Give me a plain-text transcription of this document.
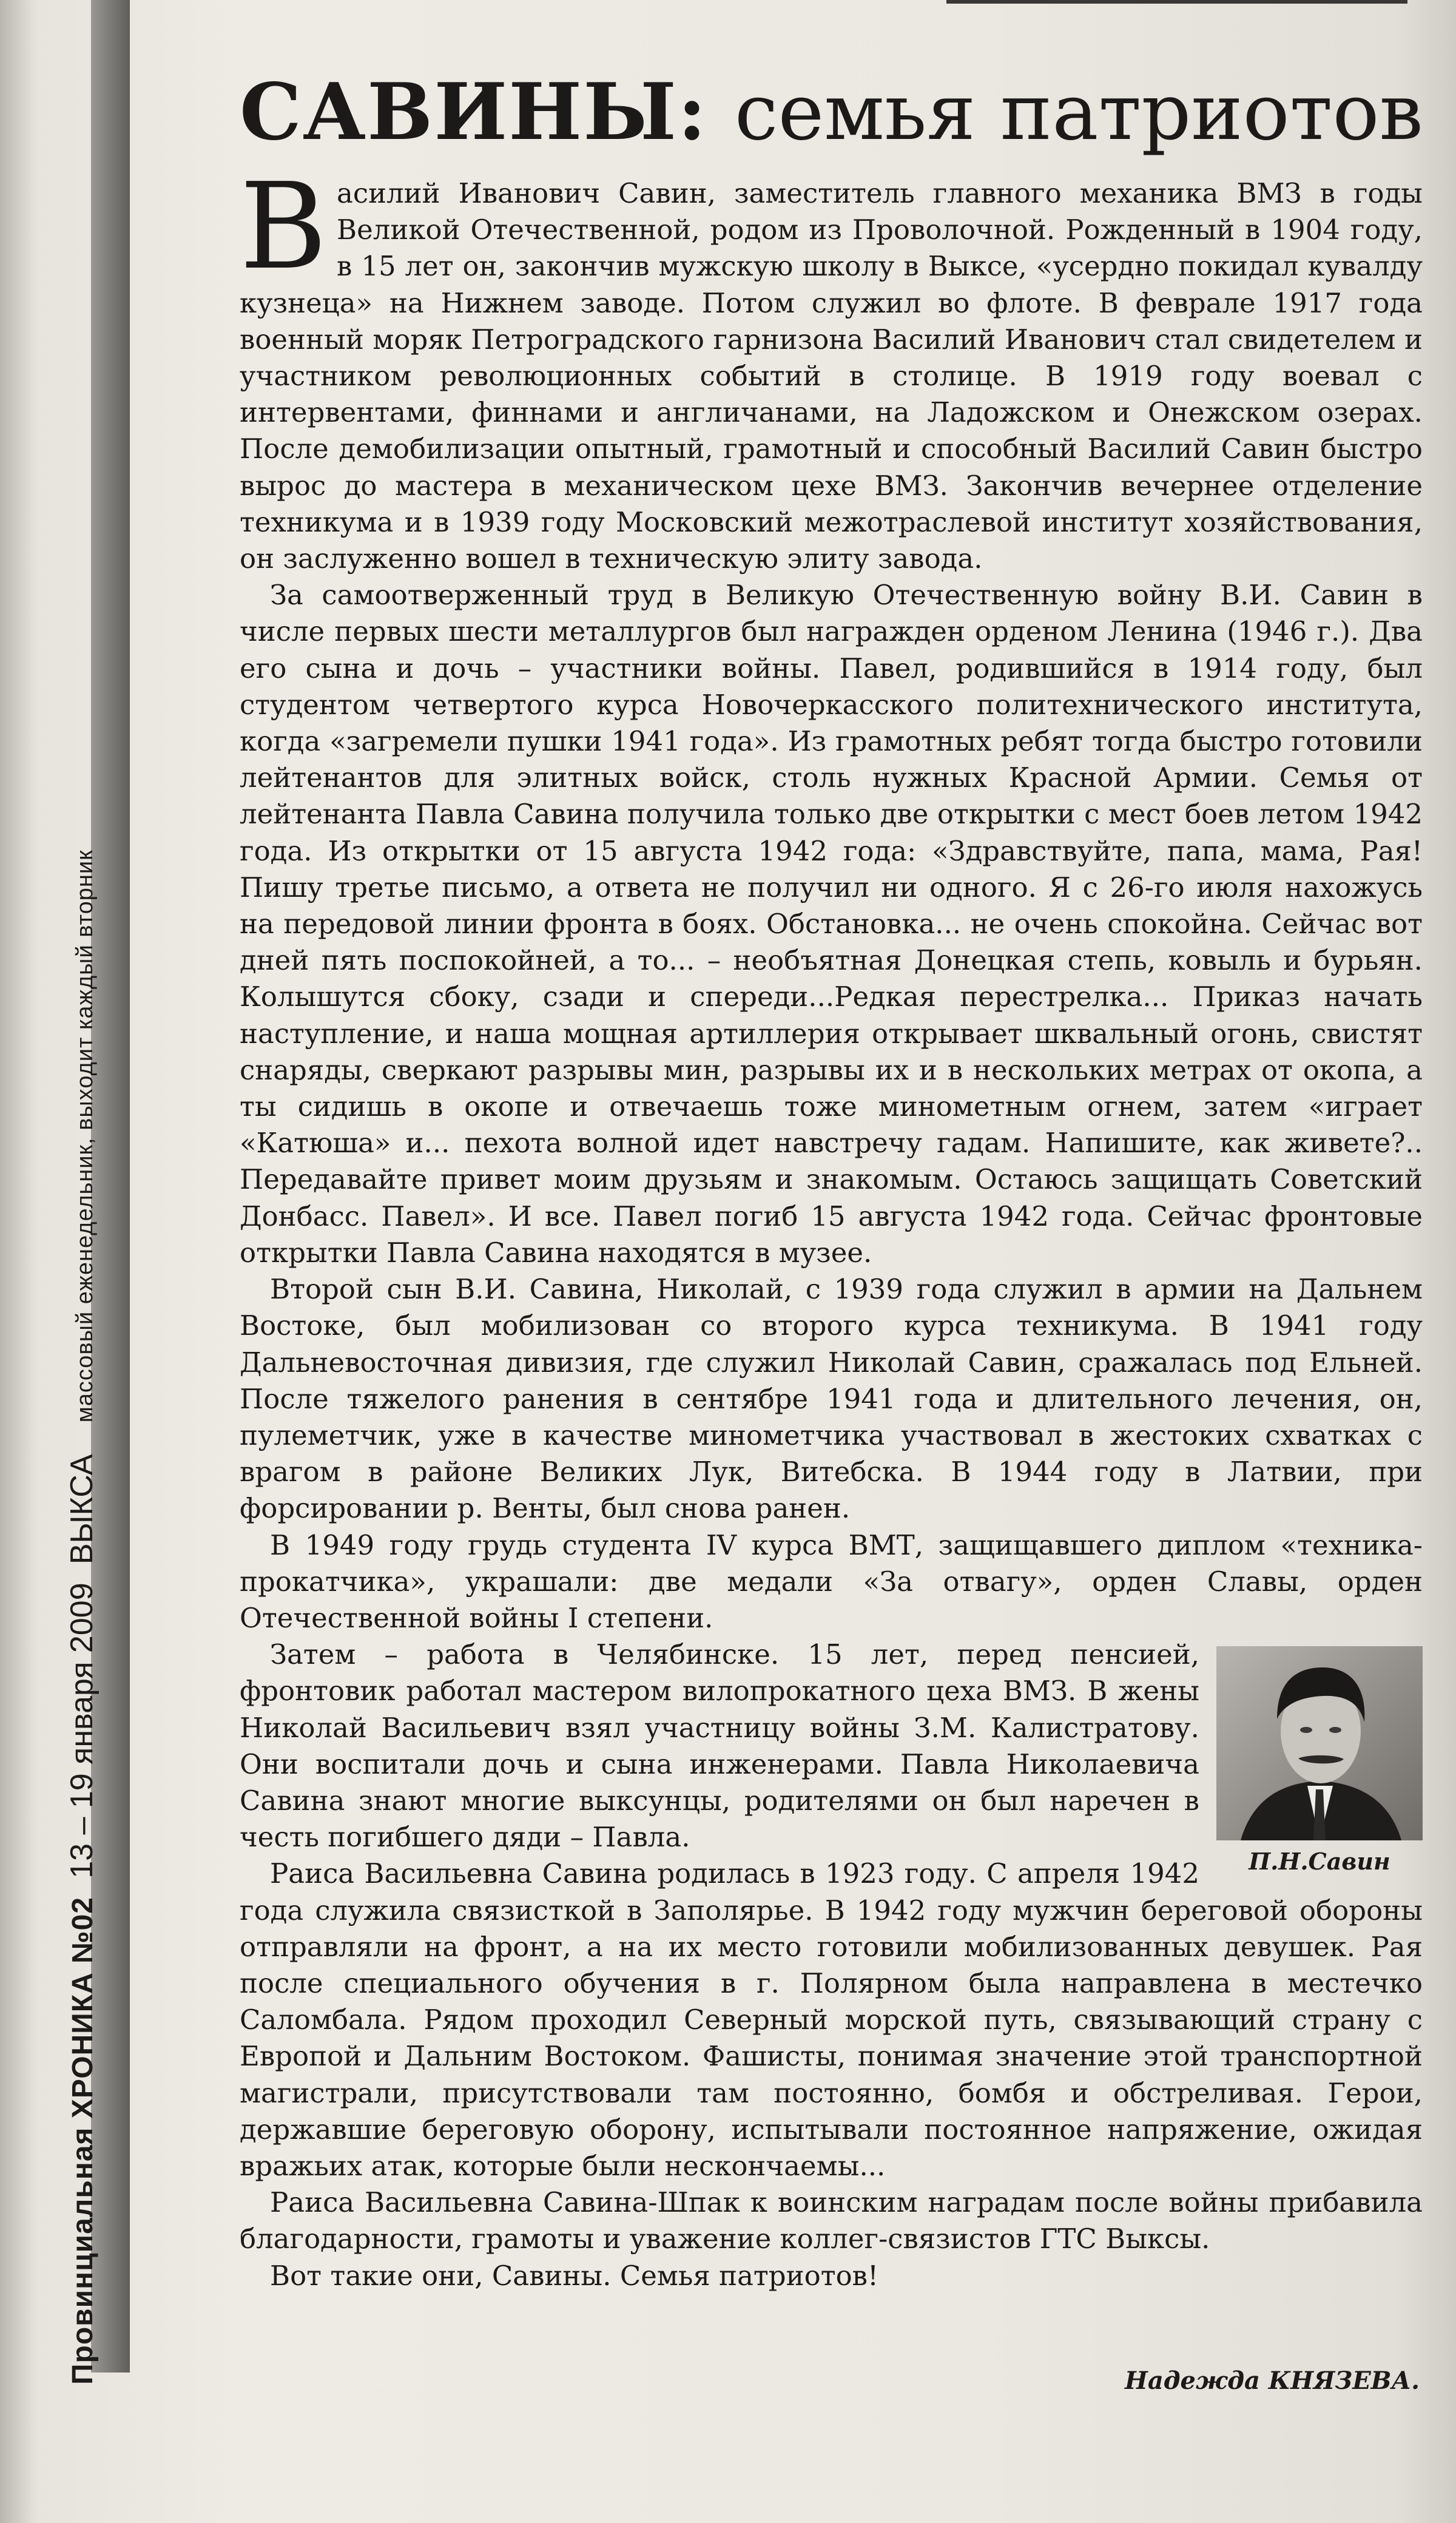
Провинциальная ХРОНИКА №02 13 – 19 января 2009 ВЫКСА массовый еженедельник, выходит каждый вторник
САВИНЫ: семья патриотов

Василий Иванович Савин, заместитель главного механика ВМЗ в годы Великой Отечественной, родом из Проволочной. Рожденный в 1904 году, в 15 лет он, закончив мужскую школу в Выксе, «усердно покидал кувалду кузнеца» на Нижнем заводе. Потом служил во флоте. В феврале 1917 года военный моряк Петроградского гарнизона Василий Иванович стал свидетелем и участником революционных событий в столице. В 1919 году воевал с интервентами, финнами и англичанами, на Ладожском и Онежском озерах. После демобилизации опытный, грамотный и способный Василий Савин быстро вырос до мастера в механическом цехе ВМЗ. Закончив вечернее отделение техникума и в 1939 году Московский межотраслевой институт хозяйствования, он заслуженно вошел в техническую элиту завода.

За самоотверженный труд в Великую Отечественную войну В.И. Савин в числе первых шести металлургов был награжден орденом Ленина (1946 г.). Два его сына и дочь – участники войны. Павел, родившийся в 1914 году, был студентом четвертого курса Новочеркасского политехнического института, когда «загремели пушки 1941 года». Из грамотных ребят тогда быстро готовили лейтенантов для элитных войск, столь нужных Красной Армии. Семья от лейтенанта Павла Савина получила только две открытки с мест боев летом 1942 года. Из открытки от 15 августа 1942 года: «Здравствуйте, папа, мама, Рая! Пишу третье письмо, а ответа не получил ни одного. Я с 26-го июля нахожусь на передовой линии фронта в боях. Обстановка... не очень спокойна. Сейчас вот дней пять поспокойней, а то... – необъятная Донецкая степь, ковыль и бурьян. Колышутся сбоку, сзади и спереди...Редкая перестрелка... Приказ начать наступление, и наша мощная артиллерия открывает шквальный огонь, свистят снаряды, сверкают разрывы мин, разрывы их и в нескольких метрах от окопа, а ты сидишь в окопе и отвечаешь тоже минометным огнем, затем «играет «Катюша» и... пехота волной идет навстречу гадам. Напишите, как живете?.. Передавайте привет моим друзьям и знакомым. Остаюсь защищать Советский Донбасс. Павел». И все. Павел погиб 15 августа 1942 года. Сейчас фронтовые открытки Павла Савина находятся в музее.

Второй сын В.И. Савина, Николай, с 1939 года служил в армии на Дальнем Востоке, был мобилизован со второго курса техникума. В 1941 году Дальневосточная дивизия, где служил Николай Савин, сражалась под Ельней. После тяжелого ранения в сентябре 1941 года и длительного лечения, он, пулеметчик, уже в качестве минометчика участвовал в жестоких схватках с врагом в районе Великих Лук, Витебска. В 1944 году в Латвии, при форсировании р. Венты, был снова ранен.

В 1949 году грудь студента IV курса ВМТ, защищавшего диплом «техника-прокатчика», украшали: две медали «За отвагу», орден Славы, орден Отечественной войны I степени.

П.Н.Савин

Затем – работа в Челябинске. 15 лет, перед пенсией, фронтовик работал мастером вилопрокатного цеха ВМЗ. В жены Николай Васильевич взял участницу войны З.М. Калистратову. Они воспитали дочь и сына инженерами. Павла Николаевича Савина знают многие выксунцы, родителями он был наречен в честь погибшего дяди – Павла.

Раиса Васильевна Савина родилась в 1923 году. С апреля 1942 года служила связисткой в Заполярье. В 1942 году мужчин береговой обороны отправляли на фронт, а на их место готовили мобилизованных девушек. Рая после специального обучения в г. Полярном была направлена в местечко Саломбала. Рядом проходил Северный морской путь, связывающий страну с Европой и Дальним Востоком. Фашисты, понимая значение этой транспортной магистрали, присутствовали там постоянно, бомбя и обстреливая. Герои, державшие береговую оборону, испытывали постоянное напряжение, ожидая вражьих атак, которые были нескончаемы...

Раиса Васильевна Савина-Шпак к воинским наградам после войны прибавила благодарности, грамоты и уважение коллег-связистов ГТС Выксы.

Вот такие они, Савины. Семья патриотов!

Надежда КНЯЗЕВА.
